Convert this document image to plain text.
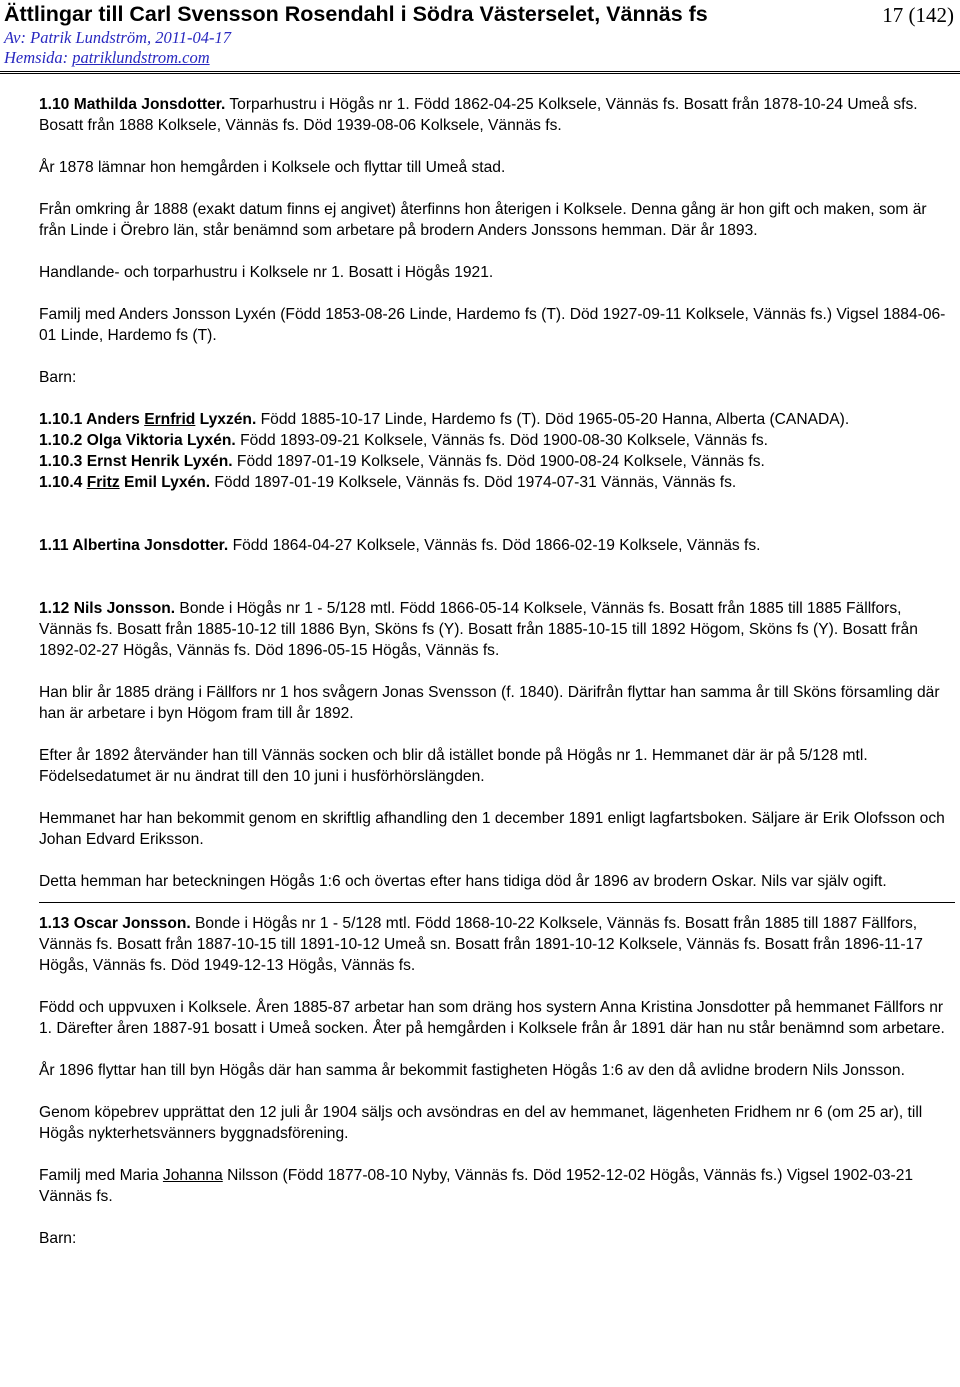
Ättlingar till Carl Svensson Rosendahl i Södra Västerselet, Vännäs fs	17 (142)
Av: Patrik Lundström, 2011-04-17
Hemsida: patriklundstrom.com

1.10 Mathilda Jonsdotter. Torparhustru i Högås nr 1. Född 1862-04-25 Kolksele, Vännäs fs. Bosatt från 1878-10-24 Umeå sfs. Bosatt från 1888 Kolksele, Vännäs fs. Död 1939-08-06 Kolksele, Vännäs fs.

År 1878 lämnar hon hemgården i Kolksele och flyttar till Umeå stad.

Från omkring år 1888 (exakt datum finns ej angivet) återfinns hon återigen i Kolksele. Denna gång är hon gift och maken, som är från Linde i Örebro län, står benämnd som arbetare på brodern Anders Jonssons hemman. Där år 1893.

Handlande- och torparhustru i Kolksele nr 1. Bosatt i Högås 1921.

Familj med Anders Jonsson Lyxén (Född 1853-08-26 Linde, Hardemo fs (T). Död 1927-09-11 Kolksele, Vännäs fs.) Vigsel 1884-06-01 Linde, Hardemo fs (T).

Barn:

1.10.1 Anders Ernfrid Lyxzén. Född 1885-10-17 Linde, Hardemo fs (T). Död 1965-05-20 Hanna, Alberta (CANADA).

1.10.2 Olga Viktoria Lyxén. Född 1893-09-21 Kolksele, Vännäs fs. Död 1900-08-30 Kolksele, Vännäs fs.

1.10.3 Ernst Henrik Lyxén. Född 1897-01-19 Kolksele, Vännäs fs. Död 1900-08-24 Kolksele, Vännäs fs.

1.10.4 Fritz Emil Lyxén. Född 1897-01-19 Kolksele, Vännäs fs. Död 1974-07-31 Vännäs, Vännäs fs.

1.11 Albertina Jonsdotter. Född 1864-04-27 Kolksele, Vännäs fs. Död 1866-02-19 Kolksele, Vännäs fs.

1.12 Nils Jonsson. Bonde i Högås nr 1 - 5/128 mtl. Född 1866-05-14 Kolksele, Vännäs fs. Bosatt från 1885 till 1885 Fällfors, Vännäs fs. Bosatt från 1885-10-12 till 1886 Byn, Sköns fs (Y). Bosatt från 1885-10-15 till 1892 Högom, Sköns fs (Y). Bosatt från 1892-02-27 Högås, Vännäs fs. Död 1896-05-15 Högås, Vännäs fs.

Han blir år 1885 dräng i Fällfors nr 1 hos svågern Jonas Svensson (f. 1840). Därifrån flyttar han samma år till Sköns församling där han är arbetare i byn Högom fram till år 1892.

Efter år 1892 återvänder han till Vännäs socken och blir då istället bonde på Högås nr 1. Hemmanet där är på 5/128 mtl. Födelsedatumet är nu ändrat till den 10 juni i husförhörslängden.

Hemmanet har han bekommit genom en skriftlig afhandling den 1 december 1891 enligt lagfartsboken. Säljare är Erik Olofsson och Johan Edvard Eriksson.

Detta hemman har beteckningen Högås 1:6 och övertas efter hans tidiga död år 1896 av brodern Oskar. Nils var själv ogift.

1.13 Oscar Jonsson. Bonde i Högås nr 1 - 5/128 mtl. Född 1868-10-22 Kolksele, Vännäs fs. Bosatt från 1885 till 1887 Fällfors, Vännäs fs. Bosatt från 1887-10-15 till 1891-10-12 Umeå sn. Bosatt från 1891-10-12 Kolksele, Vännäs fs. Bosatt från 1896-11-17 Högås, Vännäs fs. Död 1949-12-13 Högås, Vännäs fs.

Född och uppvuxen i Kolksele. Åren 1885-87 arbetar han som dräng hos systern Anna Kristina Jonsdotter på hemmanet Fällfors nr 1. Därefter åren 1887-91 bosatt i Umeå socken. Åter på hemgården i Kolksele från år 1891 där han nu står benämnd som arbetare.

År 1896 flyttar han till byn Högås där han samma år bekommit fastigheten Högås 1:6 av den då avlidne brodern Nils Jonsson.

Genom köpebrev upprättat den 12 juli år 1904 säljs och avsöndras en del av hemmanet, lägenheten Fridhem nr 6 (om 25 ar), till Högås nykterhetsvänners byggnadsförening.

Familj med Maria Johanna Nilsson (Född 1877-08-10 Nyby, Vännäs fs. Död 1952-12-02 Högås, Vännäs fs.) Vigsel 1902-03-21 Vännäs fs.

Barn:
